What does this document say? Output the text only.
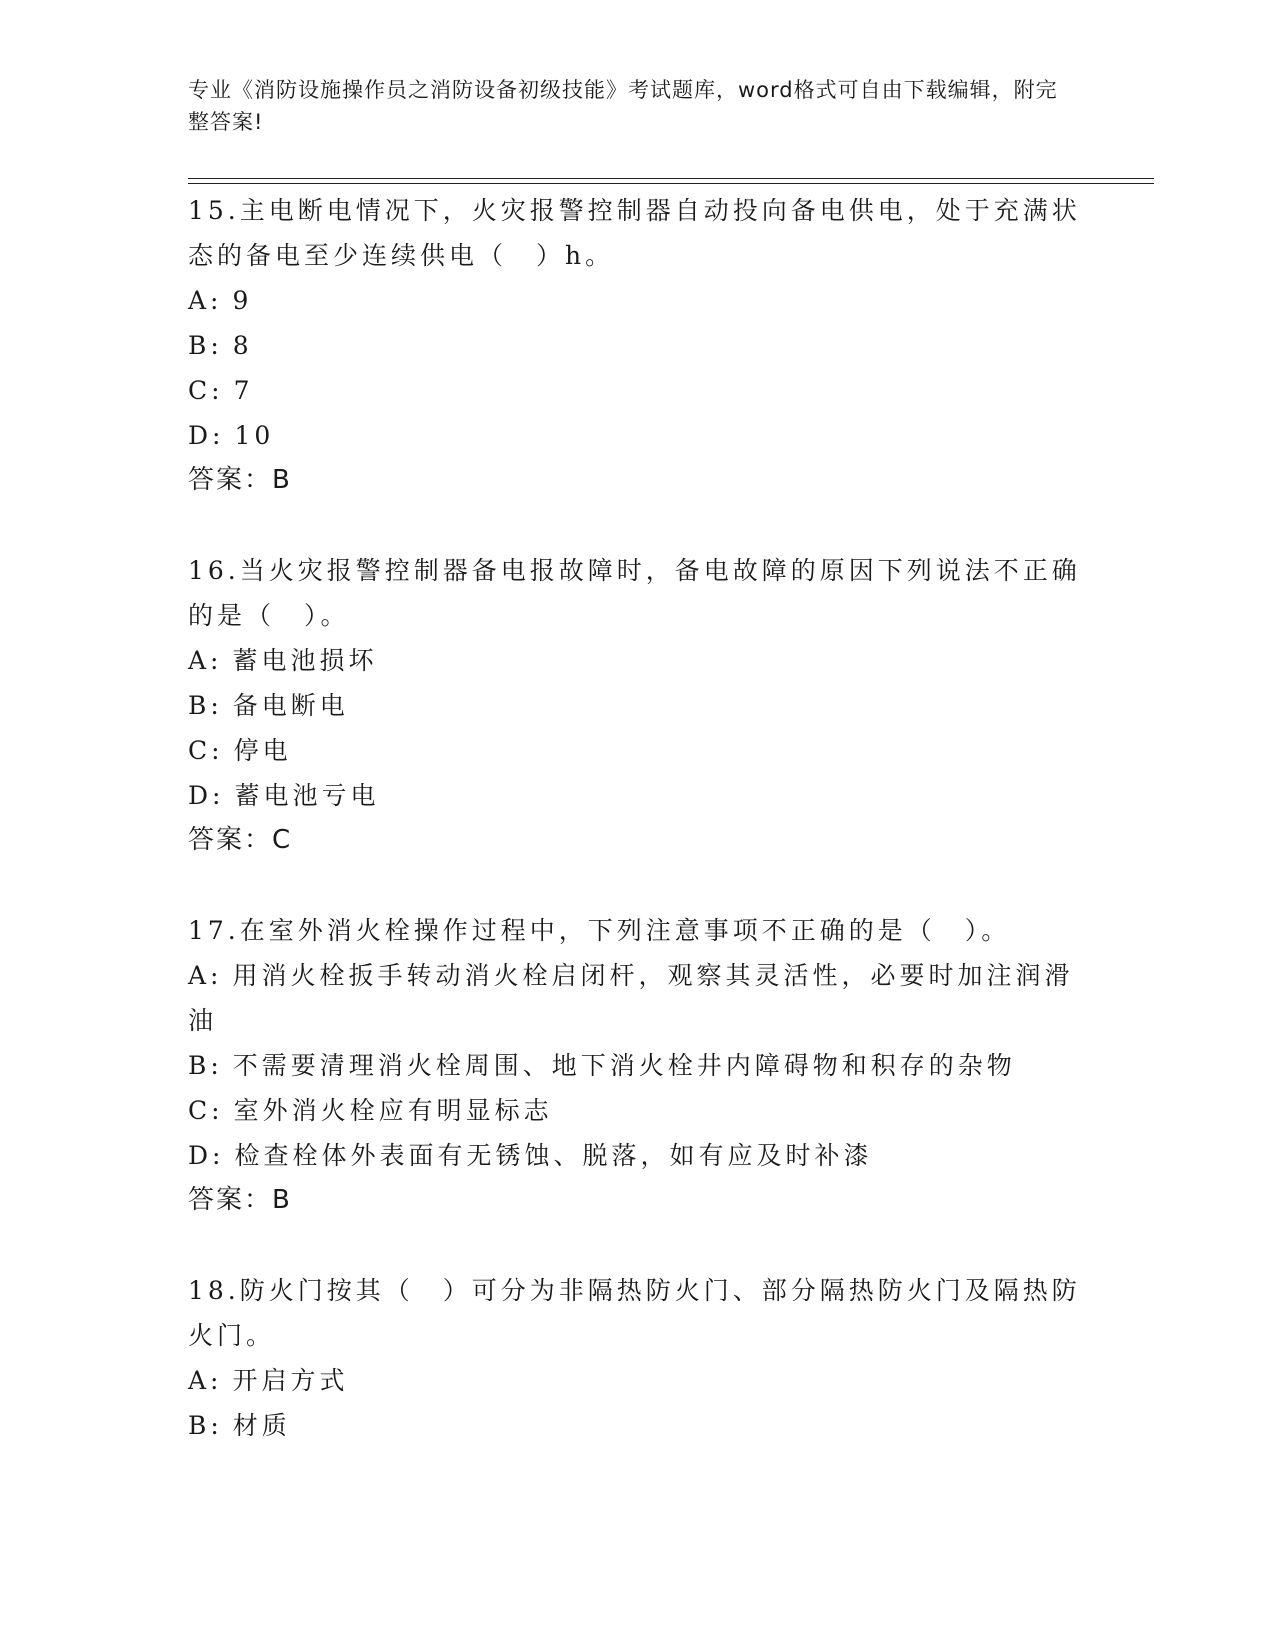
专业《消防设施操作员之消防设备初级技能》考试题库，word格式可自由下载编辑，附完整答案!

15.主电断电情况下，火灾报警控制器自动投向备电供电，处于充满状态的备电至少连续供电（　）h。

A: 9

B: 8

C: 7

D: 10

答案：B

16.当火灾报警控制器备电报故障时，备电故障的原因下列说法不正确的是（　）。

A: 蓄电池损坏

B: 备电断电

C: 停电

D: 蓄电池亏电

答案：C

17.在室外消火栓操作过程中，下列注意事项不正确的是（　）。

A: 用消火栓扳手转动消火栓启闭杆，观察其灵活性，必要时加注润滑油

B: 不需要清理消火栓周围、地下消火栓井内障碍物和积存的杂物

C: 室外消火栓应有明显标志

D: 检查栓体外表面有无锈蚀、脱落，如有应及时补漆

答案：B

18.防火门按其（　）可分为非隔热防火门、部分隔热防火门及隔热防火门。

A: 开启方式

B: 材质
